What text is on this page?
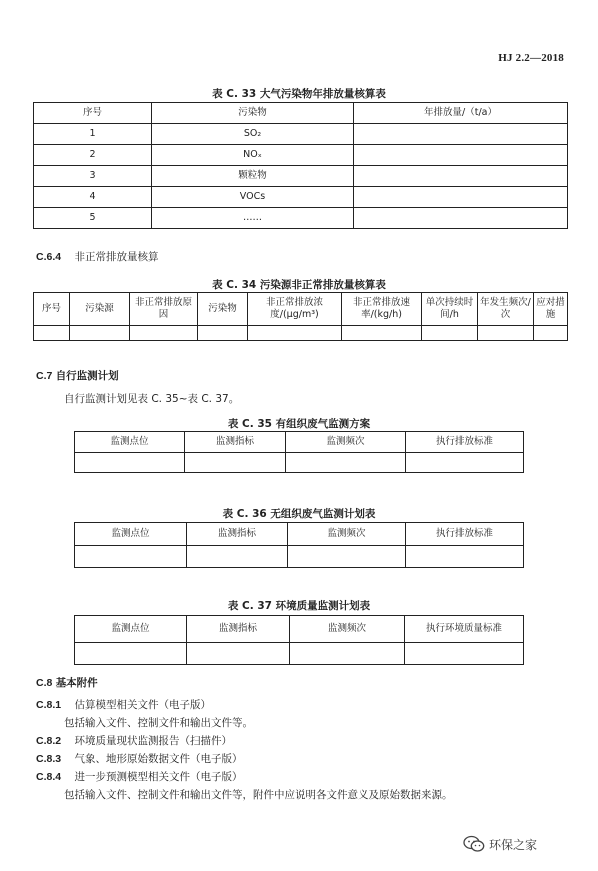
HJ 2.2—2018
表 C. 33 大气污染物年排放量核算表
序号	污染物	年排放量/（t/a）
1	SO₂	
2	NOₓ	
3	颗粒物	
4	VOCs	
5	……	
C.6.4 非正常排放量核算
表 C. 34 污染源非正常排放量核算表
序号	污染源	非正常排放原因	污染物	非正常排放浓度/(μg/m³)	非正常排放速率/(kg/h)	单次持续时间/h	年发生频次/次	应对措施

C.7 自行监测计划
自行监测计划见表 C. 35~表 C. 37。
表 C. 35 有组织废气监测方案
监测点位	监测指标	监测频次	执行排放标准

表 C. 36 无组织废气监测计划表
监测点位	监测指标	监测频次	执行排放标准

表 C. 37 环境质量监测计划表
监测点位	监测指标	监测频次	执行环境质量标准

C.8 基本附件
C.8.1 估算模型相关文件（电子版）
包括输入文件、控制文件和输出文件等。
C.8.2 环境质量现状监测报告（扫描件）
C.8.3 气象、地形原始数据文件（电子版）
C.8.4 进一步预测模型相关文件（电子版）
包括输入文件、控制文件和输出文件等，附件中应说明各文件意义及原始数据来源。
环保之家
